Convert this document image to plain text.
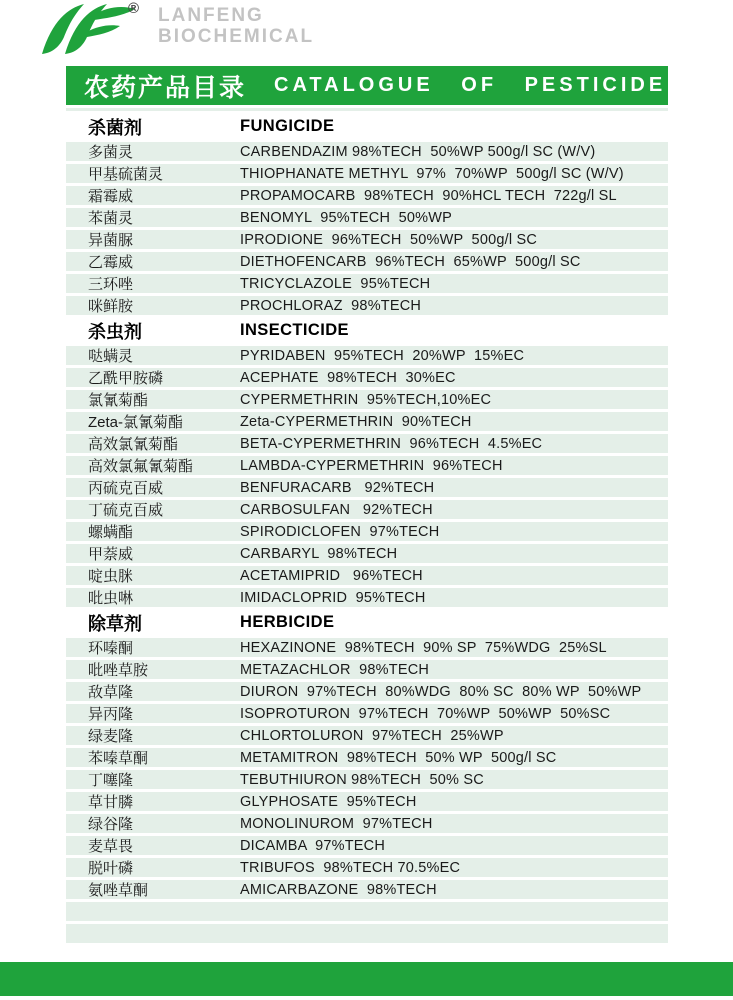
® LANFENG
BIOCHEMICAL
农药产品目录 CATALOGUE OF PESTICIDE
杀菌剂	FUNGICIDE
多菌灵	CARBENDAZIM 98%TECH  50%WP 500g/l SC (W/V)
甲基硫菌灵	THIOPHANATE METHYL  97%  70%WP  500g/l SC (W/V)
霜霉威	PROPAMOCARB  98%TECH  90%HCL TECH  722g/l SL
苯菌灵	BENOMYL  95%TECH  50%WP
异菌脲	IPRODIONE  96%TECH  50%WP  500g/l SC
乙霉威	DIETHOFENCARB  96%TECH  65%WP  500g/l SC
三环唑	TRICYCLAZOLE  95%TECH
咪鲜胺	PROCHLORAZ  98%TECH
杀虫剂	INSECTICIDE
哒螨灵	PYRIDABEN  95%TECH  20%WP  15%EC
乙酰甲胺磷	ACEPHATE  98%TECH  30%EC
氯氰菊酯	CYPERMETHRIN  95%TECH,10%EC
Zeta-氯氰菊酯	Zeta-CYPERMETHRIN  90%TECH
高效氯氰菊酯	BETA-CYPERMETHRIN  96%TECH  4.5%EC
高效氯氟氰菊酯	LAMBDA-CYPERMETHRIN  96%TECH
丙硫克百威	BENFURACARB   92%TECH
丁硫克百威	CARBOSULFAN   92%TECH
螺螨酯	SPIRODICLOFEN  97%TECH
甲萘威	CARBARYL  98%TECH
啶虫脒	ACETAMIPRID   96%TECH
吡虫啉	IMIDACLOPRID  95%TECH
除草剂	HERBICIDE
环嗪酮	HEXAZINONE  98%TECH  90% SP  75%WDG  25%SL
吡唑草胺	METAZACHLOR  98%TECH
敌草隆	DIURON  97%TECH  80%WDG  80% SC  80% WP  50%WP
异丙隆	ISOPROTURON  97%TECH  70%WP  50%WP  50%SC
绿麦隆	CHLORTOLURON  97%TECH  25%WP
苯嗪草酮	METAMITRON  98%TECH  50% WP  500g/l SC
丁噻隆	TEBUTHIURON 98%TECH  50% SC
草甘膦	GLYPHOSATE  95%TECH
绿谷隆	MONOLINUROM  97%TECH
麦草畏	DICAMBA  97%TECH
脱叶磷	TRIBUFOS  98%TECH 70.5%EC
氨唑草酮	AMICARBAZONE  98%TECH
